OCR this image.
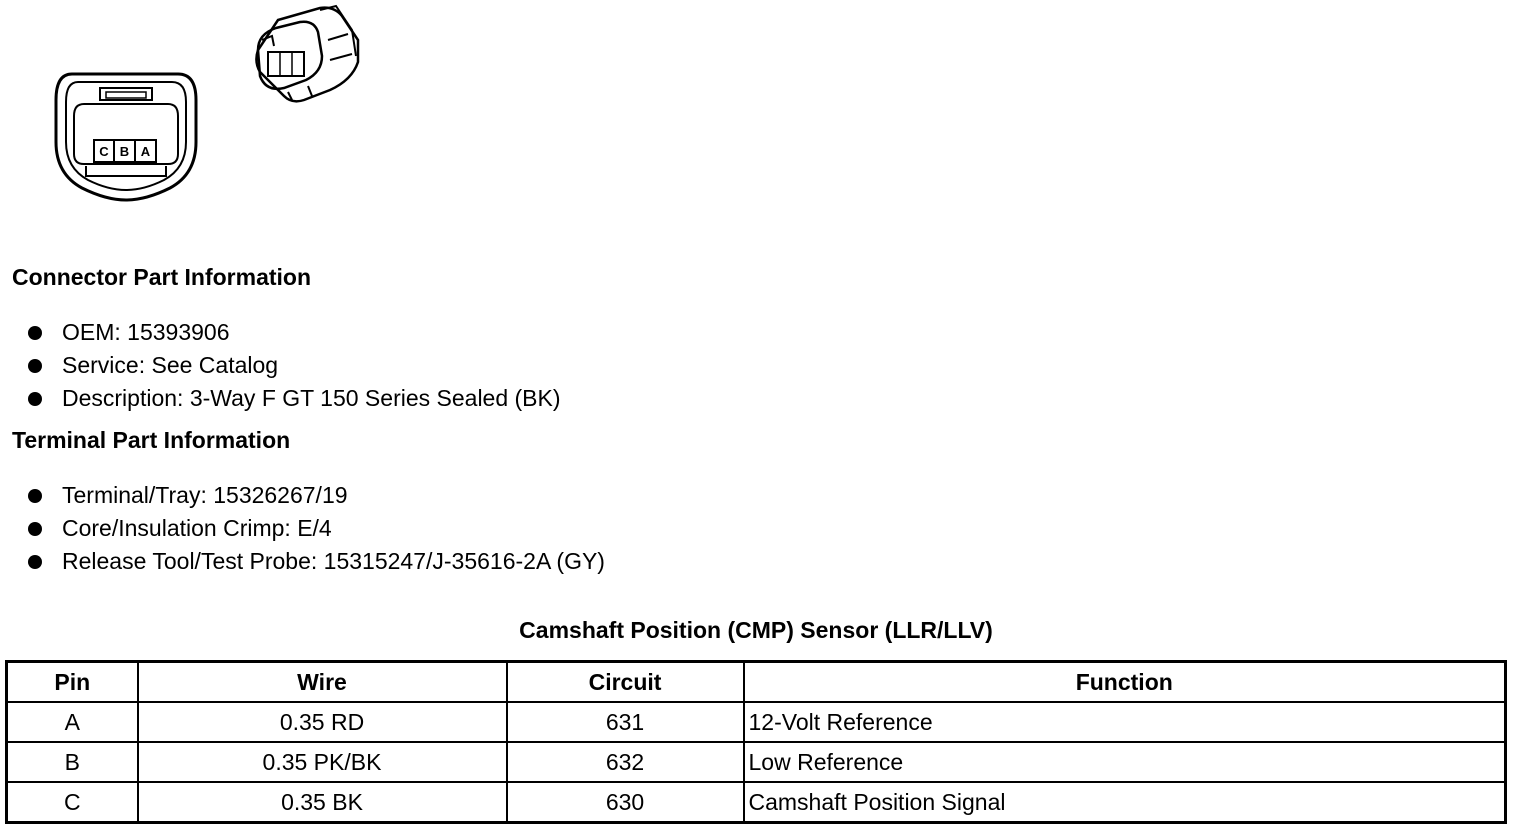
C B A
Connector Part Information
OEM: 15393906
Service: See Catalog
Description: 3-Way F GT 150 Series Sealed (BK)
Terminal Part Information
Terminal/Tray: 15326267/19
Core/Insulation Crimp: E/4
Release Tool/Test Probe: 15315247/J-35616-2A (GY)
Camshaft Position (CMP) Sensor (LLR/LLV)
Pin	Wire	Circuit	Function
A	0.35 RD	631	12-Volt Reference
B	0.35 PK/BK	632	Low Reference
C	0.35 BK	630	Camshaft Position Signal
